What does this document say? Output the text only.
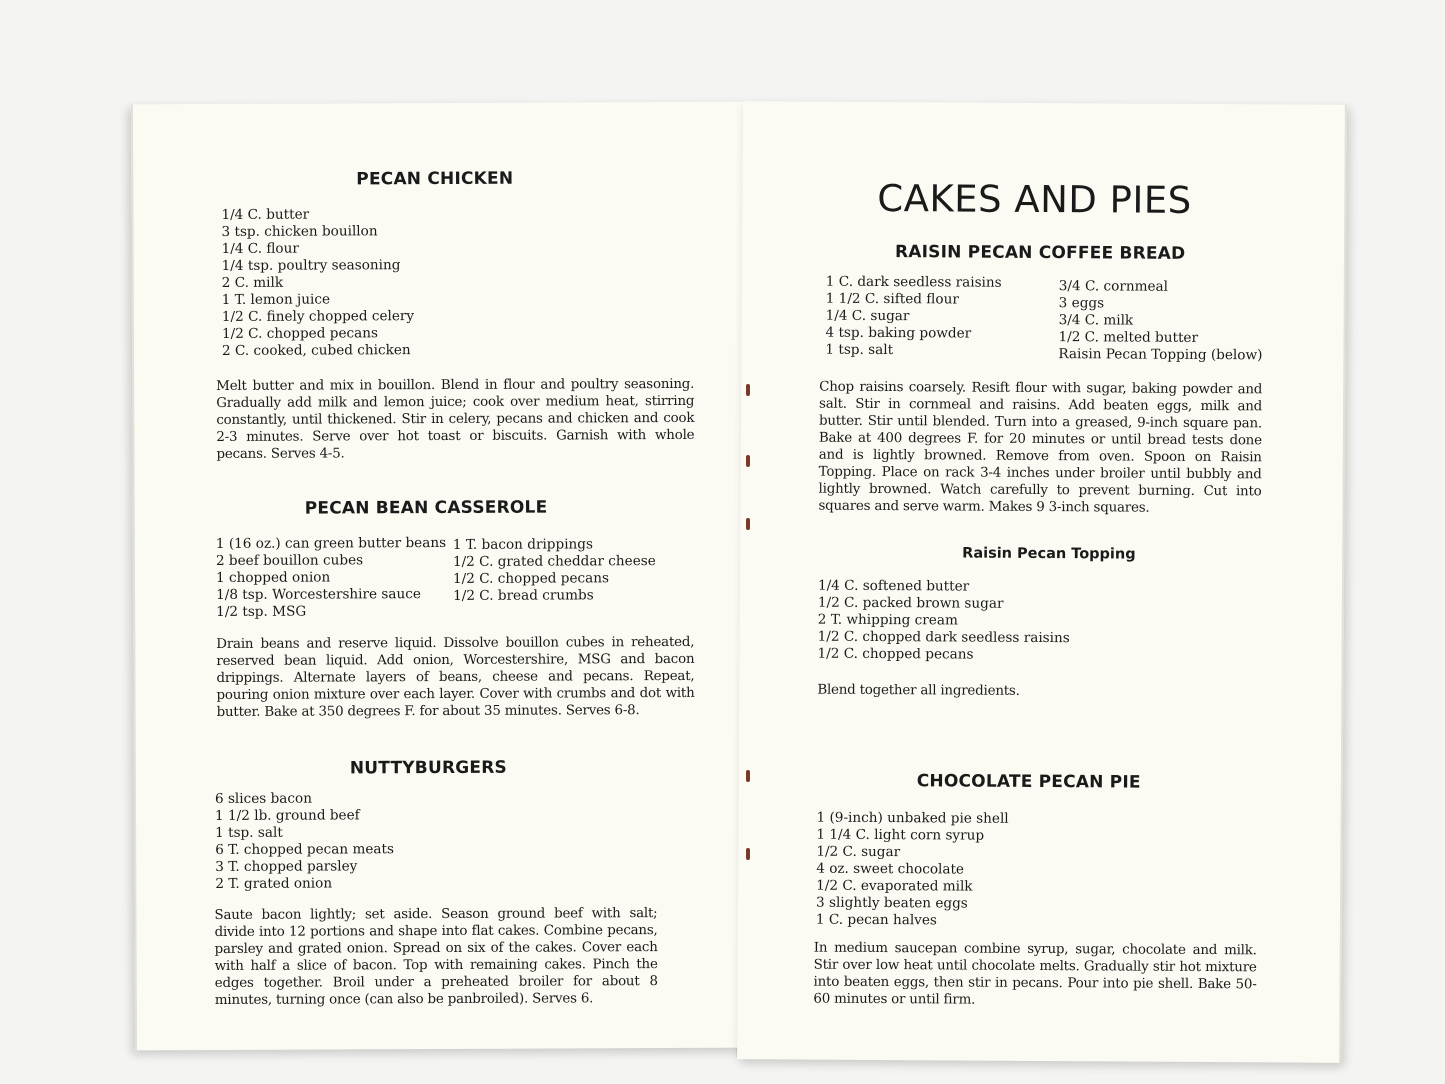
PECAN CHICKEN
1/4 C. butter
3 tsp. chicken bouillon
1/4 C. flour
1/4 tsp. poultry seasoning
2 C. milk
1 T. lemon juice
1/2 C. finely chopped celery
1/2 C. chopped pecans
2 C. cooked, cubed chicken

Melt butter and mix in bouillon. Blend in flour and poultry seasoning. Gradually add milk and lemon juice; cook over medium heat, stirring constantly, until thickened. Stir in celery, pecans and chicken and cook 2-3 minutes. Serve over hot toast or biscuits. Garnish with whole pecans. Serves 4-5.

PECAN BEAN CASSEROLE
1 (16 oz.) can green butter beans
2 beef bouillon cubes
1 chopped onion
1/8 tsp. Worcestershire sauce
1/2 tsp. MSG
1 T. bacon drippings
1/2 C. grated cheddar cheese
1/2 C. chopped pecans
1/2 C. bread crumbs

Drain beans and reserve liquid. Dissolve bouillon cubes in reheated, reserved bean liquid. Add onion, Worcestershire, MSG and bacon drippings. Alternate layers of beans, cheese and pecans. Repeat, pouring onion mixture over each layer. Cover with crumbs and dot with butter. Bake at 350 degrees F. for about 35 minutes. Serves 6-8.

NUTTYBURGERS
6 slices bacon
1 1/2 lb. ground beef
1 tsp. salt
6 T. chopped pecan meats
3 T. chopped parsley
2 T. grated onion

Saute bacon lightly; set aside. Season ground beef with salt; divide into 12 portions and shape into flat cakes. Combine pecans, parsley and grated onion. Spread on six of the cakes. Cover each with half a slice of bacon. Top with remaining cakes. Pinch the edges together. Broil under a preheated broiler for about 8 minutes, turning once (can also be panbroiled). Serves 6.

CAKES AND PIES
RAISIN PECAN COFFEE BREAD
1 C. dark seedless raisins
1 1/2 C. sifted flour
1/4 C. sugar
4 tsp. baking powder
1 tsp. salt
3/4 C. cornmeal
3 eggs
3/4 C. milk
1/2 C. melted butter
Raisin Pecan Topping (below)

Chop raisins coarsely. Resift flour with sugar, baking powder and salt. Stir in cornmeal and raisins. Add beaten eggs, milk and butter. Stir until blended. Turn into a greased, 9-inch square pan. Bake at 400 degrees F. for 20 minutes or until bread tests done and is lightly browned. Remove from oven. Spoon on Raisin Topping. Place on rack 3-4 inches under broiler until bubbly and lightly browned. Watch carefully to prevent burning. Cut into squares and serve warm. Makes 9 3-inch squares.

Raisin Pecan Topping
1/4 C. softened butter
1/2 C. packed brown sugar
2 T. whipping cream
1/2 C. chopped dark seedless raisins
1/2 C. chopped pecans

Blend together all ingredients.

CHOCOLATE PECAN PIE
1 (9-inch) unbaked pie shell
1 1/4 C. light corn syrup
1/2 C. sugar
4 oz. sweet chocolate
1/2 C. evaporated milk
3 slightly beaten eggs
1 C. pecan halves

In medium saucepan combine syrup, sugar, chocolate and milk. Stir over low heat until chocolate melts. Gradually stir hot mixture into beaten eggs, then stir in pecans. Pour into pie shell. Bake 50-60 minutes or until firm.
